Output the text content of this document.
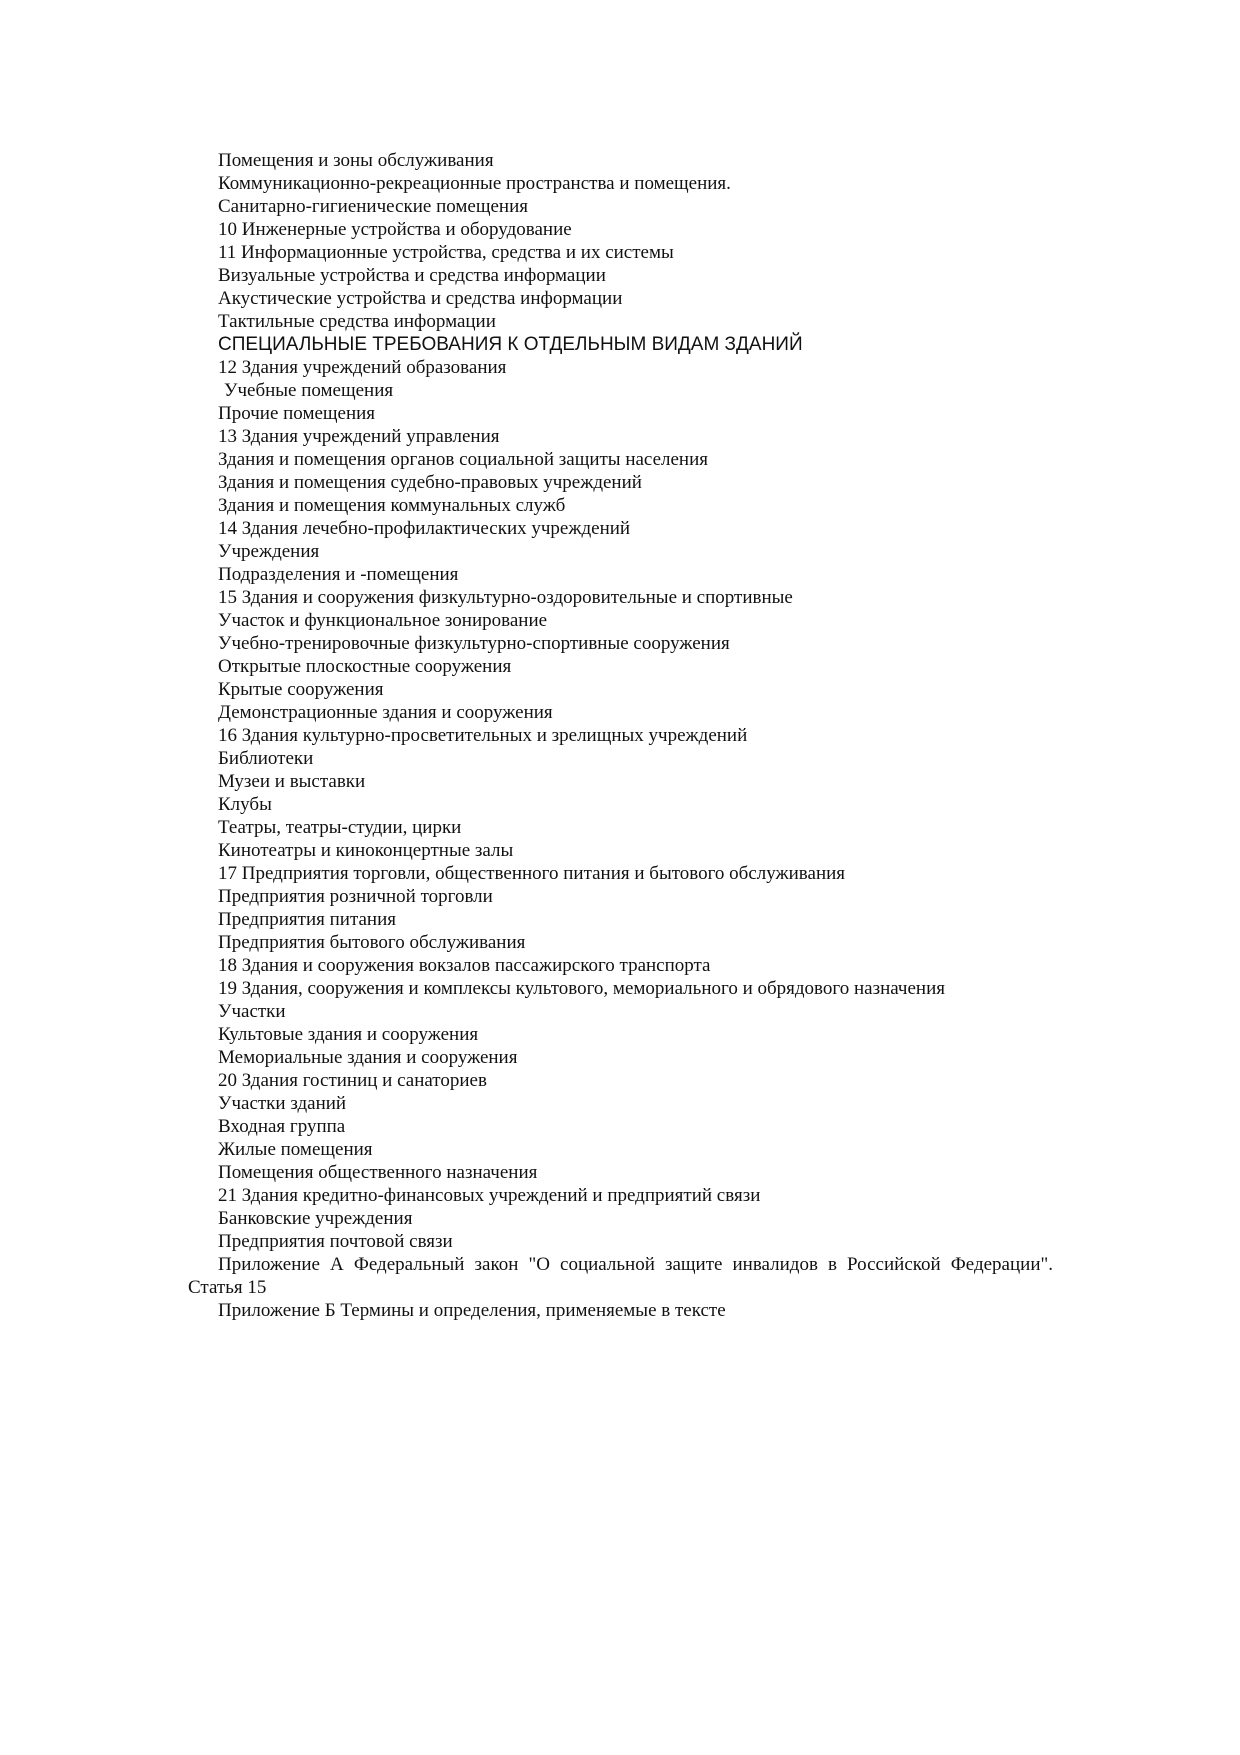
Помещения и зоны обслуживания

Коммуникационно-рекреационные пространства и помещения.

Санитарно-гигиенические помещения

10 Инженерные устройства и оборудование

11 Информационные устройства, средства и их системы

Визуальные устройства и средства информации

Акустические устройства и средства информации

Тактильные средства информации

СПЕЦИАЛЬНЫЕ ТРЕБОВАНИЯ К ОТДЕЛЬНЫМ ВИДАМ ЗДАНИЙ

12 Здания учреждений образования

Учебные помещения

Прочие помещения

13 Здания учреждений управления

Здания и помещения органов социальной защиты населения

Здания и помещения судебно-правовых учреждений

Здания и помещения коммунальных служб

14 Здания лечебно-профилактических учреждений

Учреждения

Подразделения и -помещения

15 Здания и сооружения физкультурно-оздоровительные и спортивные

Участок и функциональное зонирование

Учебно-тренировочные физкультурно-спортивные сооружения

Открытые плоскостные сооружения

Крытые сооружения

Демонстрационные здания и сооружения

16 Здания культурно-просветительных и зрелищных учреждений

Библиотеки

Музеи и выставки

Клубы

Театры, театры-студии, цирки

Кинотеатры и киноконцертные залы

17 Предприятия торговли, общественного питания и бытового обслуживания

Предприятия розничной торговли

Предприятия питания

Предприятия бытового обслуживания

18 Здания и сооружения вокзалов пассажирского транспорта

19 Здания, сооружения и комплексы культового, мемориального и обрядового назначения

Участки

Культовые здания и сооружения

Мемориальные здания и сооружения

20 Здания гостиниц и санаториев

Участки зданий

Входная группа

Жилые помещения

Помещения общественного назначения

21 Здания кредитно-финансовых учреждений и предприятий связи

Банковские учреждения

Предприятия почтовой связи

Приложение А Федеральный закон "О социальной защите инвалидов в Российской Федерации". Статья 15

Приложение Б Термины и определения, применяемые в тексте
